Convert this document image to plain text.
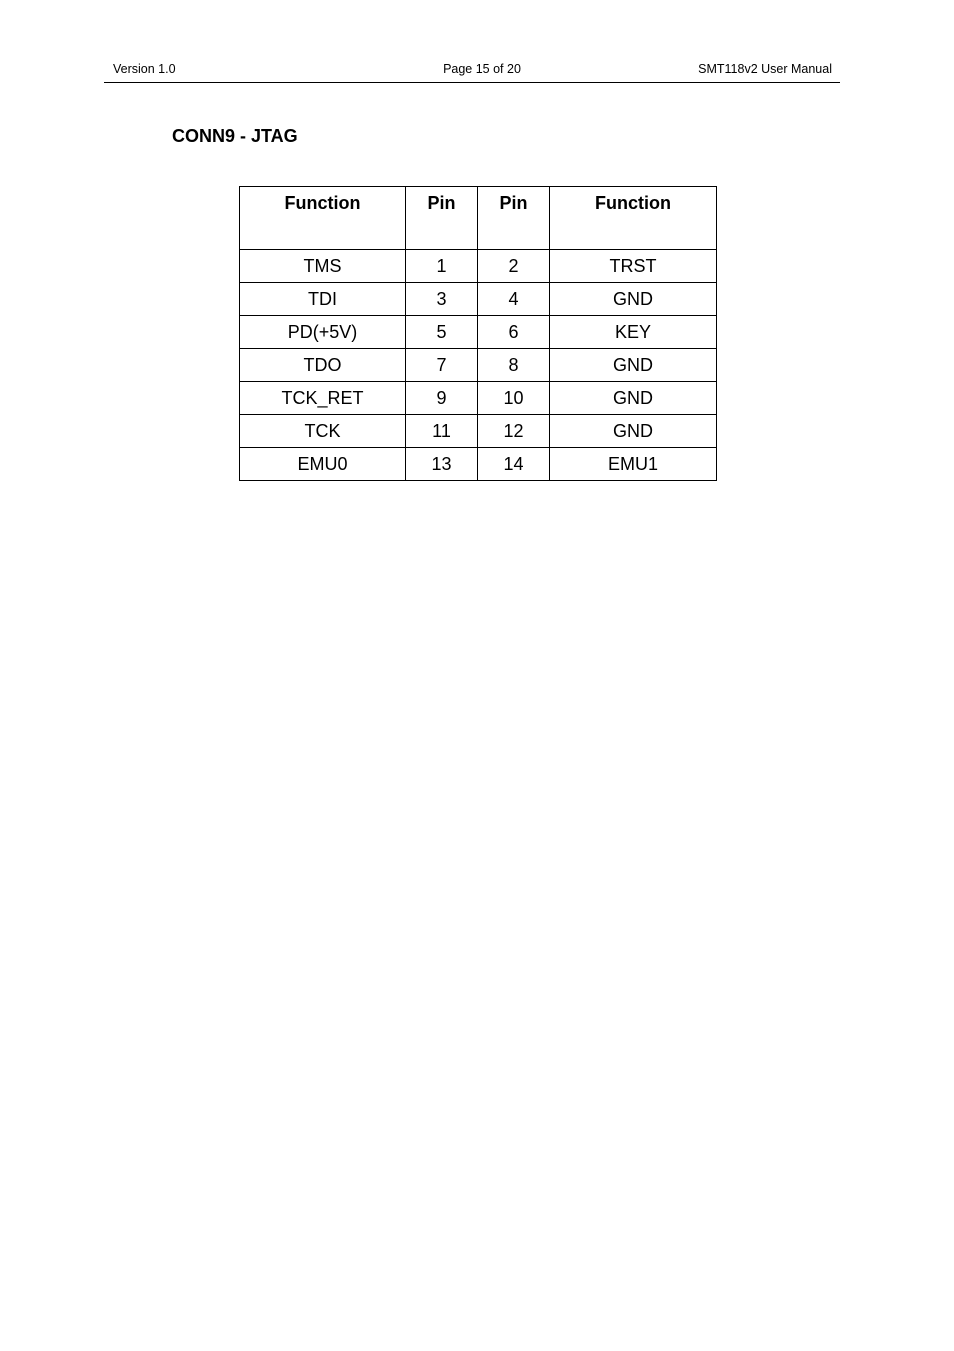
Version 1.0	Page 15 of 20	SMT118v2 User Manual
CONN9 - JTAG
Function	Pin	Pin	Function
TMS	1	2	TRST
TDI	3	4	GND
PD(+5V)	5	6	KEY
TDO	7	8	GND
TCK_RET	9	10	GND
TCK	11	12	GND
EMU0	13	14	EMU1
